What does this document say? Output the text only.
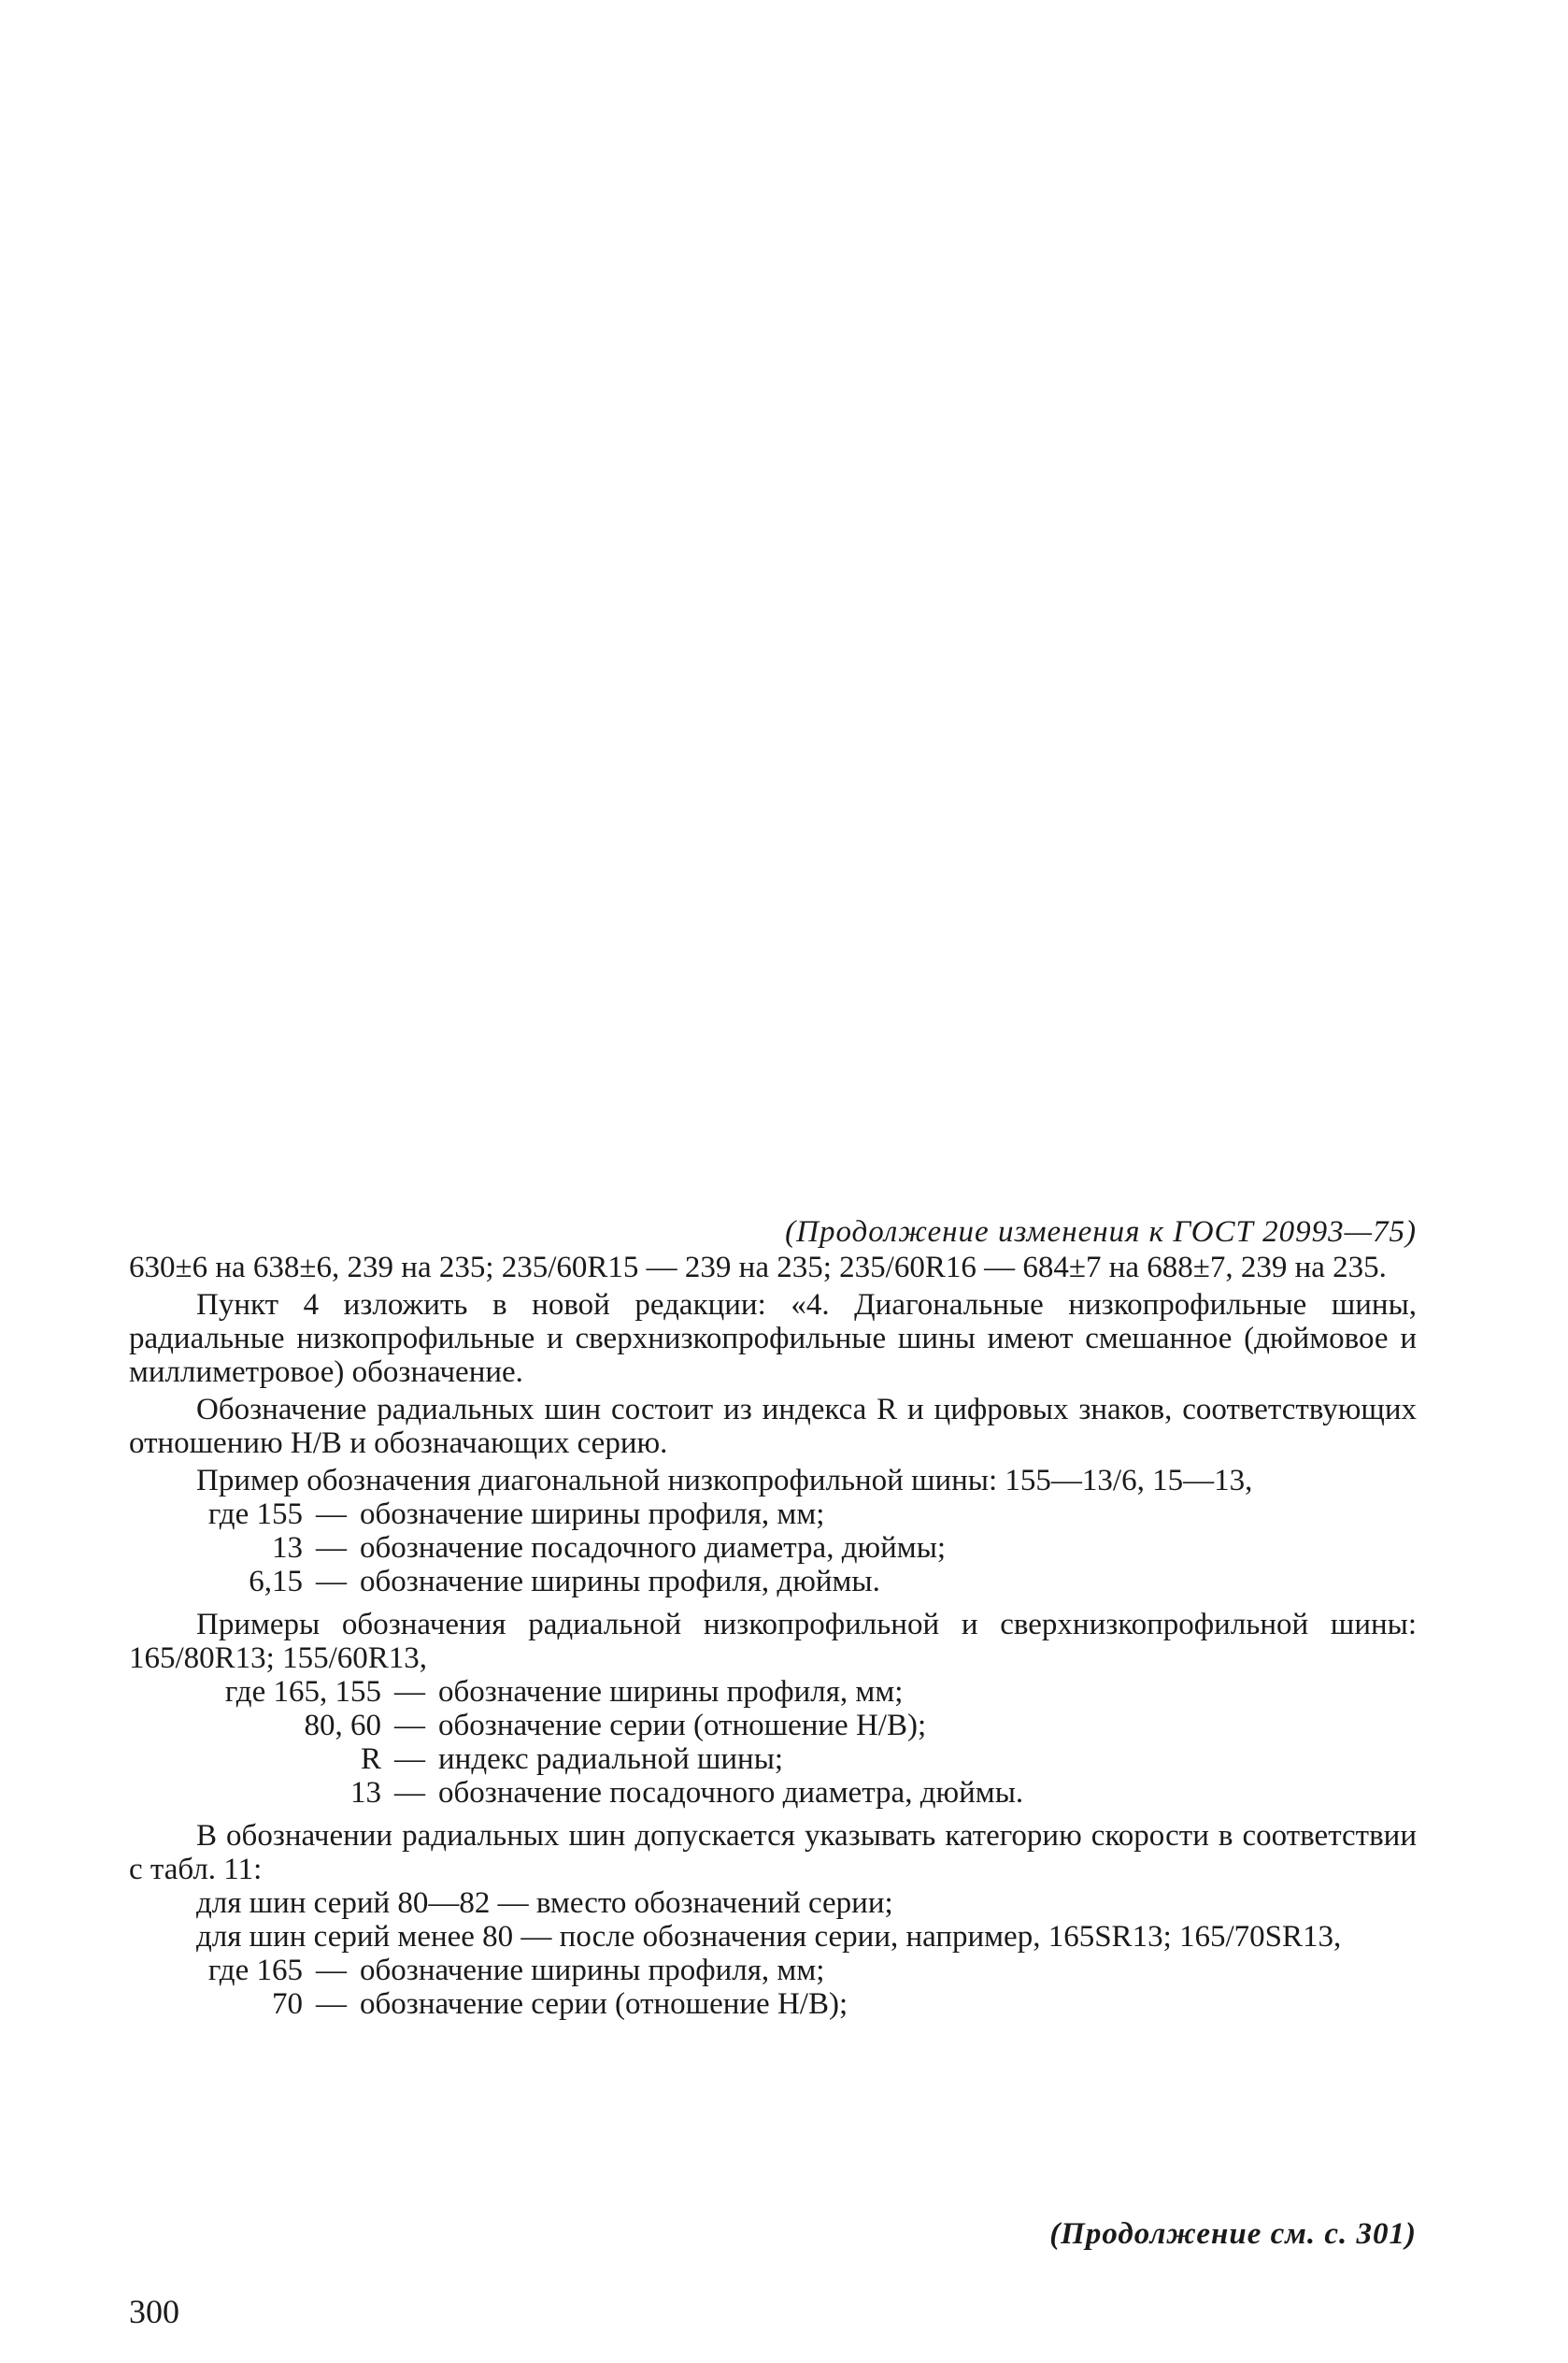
(Продолжение изменения к ГОСТ 20993—75)

630±6 на 638±6, 239 на 235; 235/60R15 — 239 на 235; 235/60R16 — 684±7 на 688±7, 239 на 235.

Пункт 4 изложить в новой редакции: «4. Диагональные низкопрофильные шины, радиальные низкопрофильные и сверхнизкопрофильные шины имеют смешанное (дюймовое и миллиметровое) обозначение.

Обозначение радиальных шин состоит из индекса R и цифровых знаков, соответствующих отношению Н/В и обозначающих серию.

Пример обозначения диагональной низкопрофильной шины: 155—13/6, 15—13,

где 155 — обозначение ширины профиля, мм;
13 — обозначение посадочного диаметра, дюймы;
6,15 — обозначение ширины профиля, дюймы.

Примеры обозначения радиальной низкопрофильной и сверхнизкопрофильной шины: 165/80R13; 155/60R13,

где 165, 155 — обозначение ширины профиля, мм;
80, 60 — обозначение серии (отношение Н/В);
R — индекс радиальной шины;
13 — обозначение посадочного диаметра, дюймы.

В обозначении радиальных шин допускается указывать категорию скорости в соответствии с табл. 11:

для шин серий 80—82 — вместо обозначений серии;

для шин серий менее 80 — после обозначения серии, например, 165SR13; 165/70SR13,

где 165 — обозначение ширины профиля, мм;
70 — обозначение серии (отношение Н/В);
(Продолжение см. с. 301)
300
